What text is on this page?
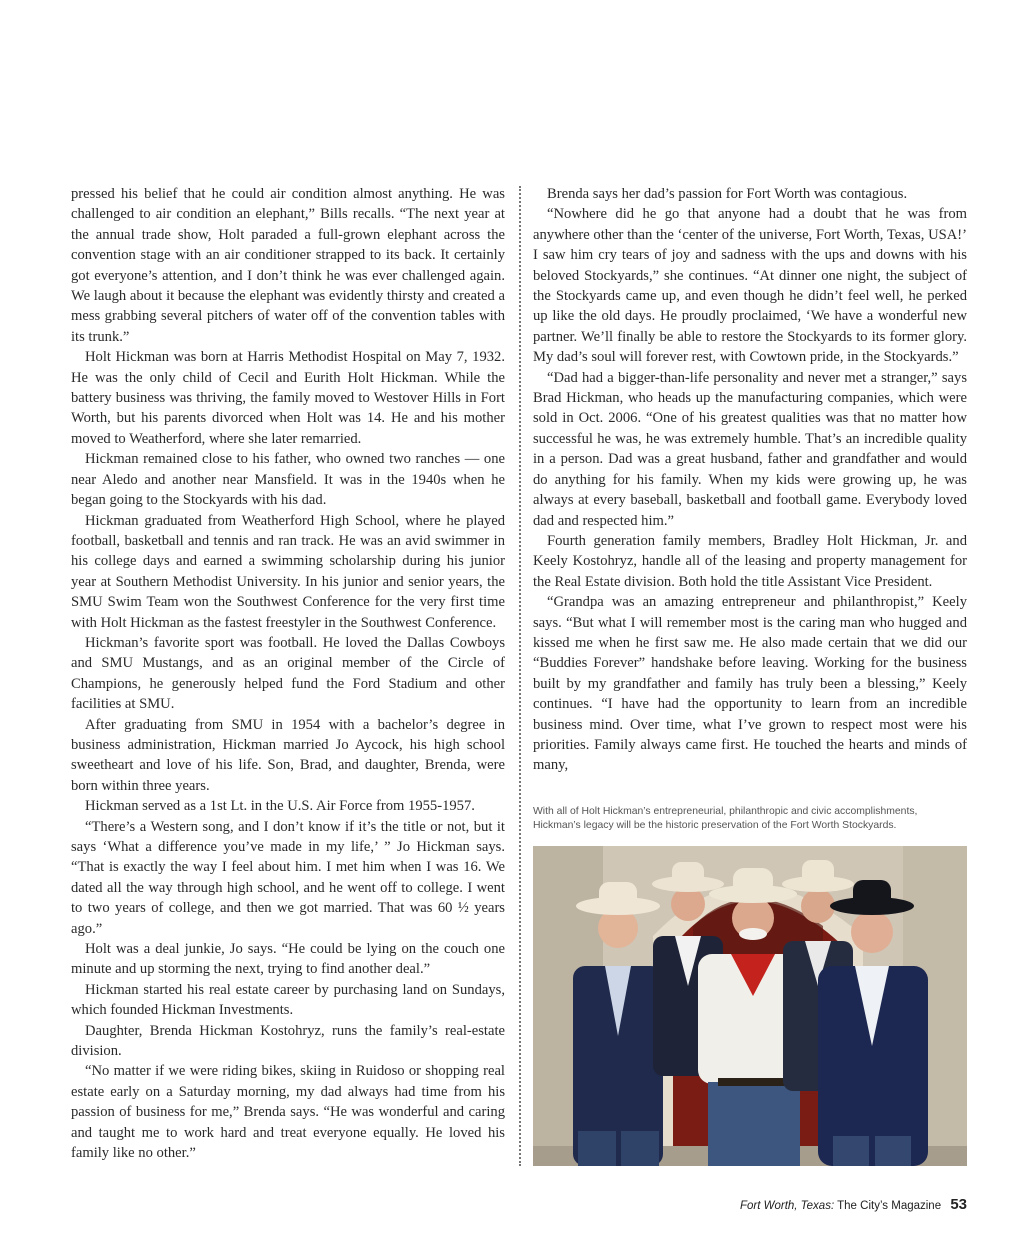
pressed his belief that he could air condition almost anything. He was challenged to air condition an elephant,” Bills recalls. “The next year at the annual trade show, Holt paraded a full-grown elephant across the convention stage with an air conditioner strapped to its back. It certainly got everyone’s attention, and I don’t think he was ever challenged again. We laugh about it because the elephant was evidently thirsty and created a mess grabbing several pitchers of water off of the convention tables with its trunk.”

Holt Hickman was born at Harris Methodist Hospital on May 7, 1932. He was the only child of Cecil and Eurith Holt Hickman. While the battery business was thriving, the family moved to Westover Hills in Fort Worth, but his parents divorced when Holt was 14. He and his mother moved to Weatherford, where she later remarried.

Hickman remained close to his father, who owned two ranches — one near Aledo and another near Mansfield. It was in the 1940s when he began going to the Stockyards with his dad.

Hickman graduated from Weatherford High School, where he played football, basketball and tennis and ran track. He was an avid swimmer in his college days and earned a swimming scholarship during his junior year at Southern Methodist University. In his junior and senior years, the SMU Swim Team won the Southwest Conference for the very first time with Holt Hickman as the fastest freestyler in the Southwest Conference.

Hickman’s favorite sport was football. He loved the Dallas Cowboys and SMU Mustangs, and as an original member of the Circle of Champions, he generously helped fund the Ford Stadium and other facilities at SMU.

After graduating from SMU in 1954 with a bachelor’s degree in business administration, Hickman married Jo Aycock, his high school sweetheart and love of his life. Son, Brad, and daughter, Brenda, were born within three years.

Hickman served as a 1st Lt. in the U.S. Air Force from 1955-1957.

“There’s a Western song, and I don’t know if it’s the title or not, but it says ‘What a difference you’ve made in my life,’ ” Jo Hickman says. “That is exactly the way I feel about him. I met him when I was 16. We dated all the way through high school, and he went off to college. I went to two years of college, and then we got married. That was 60 ½ years ago.”

Holt was a deal junkie, Jo says. “He could be lying on the couch one minute and up storming the next, trying to find another deal.”

Hickman started his real estate career by purchasing land on Sundays, which founded Hickman Investments.

Daughter, Brenda Hickman Kostohryz, runs the family’s real-estate division.

“No matter if we were riding bikes, skiing in Ruidoso or shopping real estate early on a Saturday morning, my dad always had time from his passion of business for me,” Brenda says. “He was wonderful and caring and taught me to work hard and treat everyone equally. He loved his family like no other.”

Brenda says her dad’s passion for Fort Worth was contagious.

“Nowhere did he go that anyone had a doubt that he was from anywhere other than the ‘center of the universe, Fort Worth, Texas, USA!’ I saw him cry tears of joy and sadness with the ups and downs with his beloved Stockyards,” she continues. “At dinner one night, the subject of the Stockyards came up, and even though he didn’t feel well, he perked up like the old days. He proudly proclaimed, ‘We have a wonderful new partner. We’ll finally be able to restore the Stockyards to its former glory. My dad’s soul will forever rest, with Cowtown pride, in the Stockyards.”

“Dad had a bigger-than-life personality and never met a stranger,” says Brad Hickman, who heads up the manufacturing companies, which were sold in Oct. 2006. “One of his greatest qualities was that no matter how successful he was, he was extremely humble. That’s an incredible quality in a person. Dad was a great husband, father and grandfather and would do anything for his family. When my kids were growing up, he was always at every baseball, basketball and football game. Everybody loved dad and respected him.”

Fourth generation family members, Bradley Holt Hickman, Jr. and Keely Kostohryz, handle all of the leasing and property management for the Real Estate division. Both hold the title Assistant Vice President.

“Grandpa was an amazing entrepreneur and philanthropist,” Keely says. “But what I will remember most is the caring man who hugged and kissed me when he first saw me. He also made certain that we did our “Buddies Forever” handshake before leaving. Working for the business built by my grandfather and family has truly been a blessing,” Keely continues. “I have had the opportunity to learn from an incredible business mind. Over time, what I’ve grown to respect most were his priorities. Family always came first. He touched the hearts and minds of many,

With all of Holt Hickman’s entrepreneurial, philanthropic and civic accomplishments,
Hickman’s legacy will be the historic preservation of the Fort Worth Stockyards.
Fort Worth, Texas: The City’s Magazine 53
